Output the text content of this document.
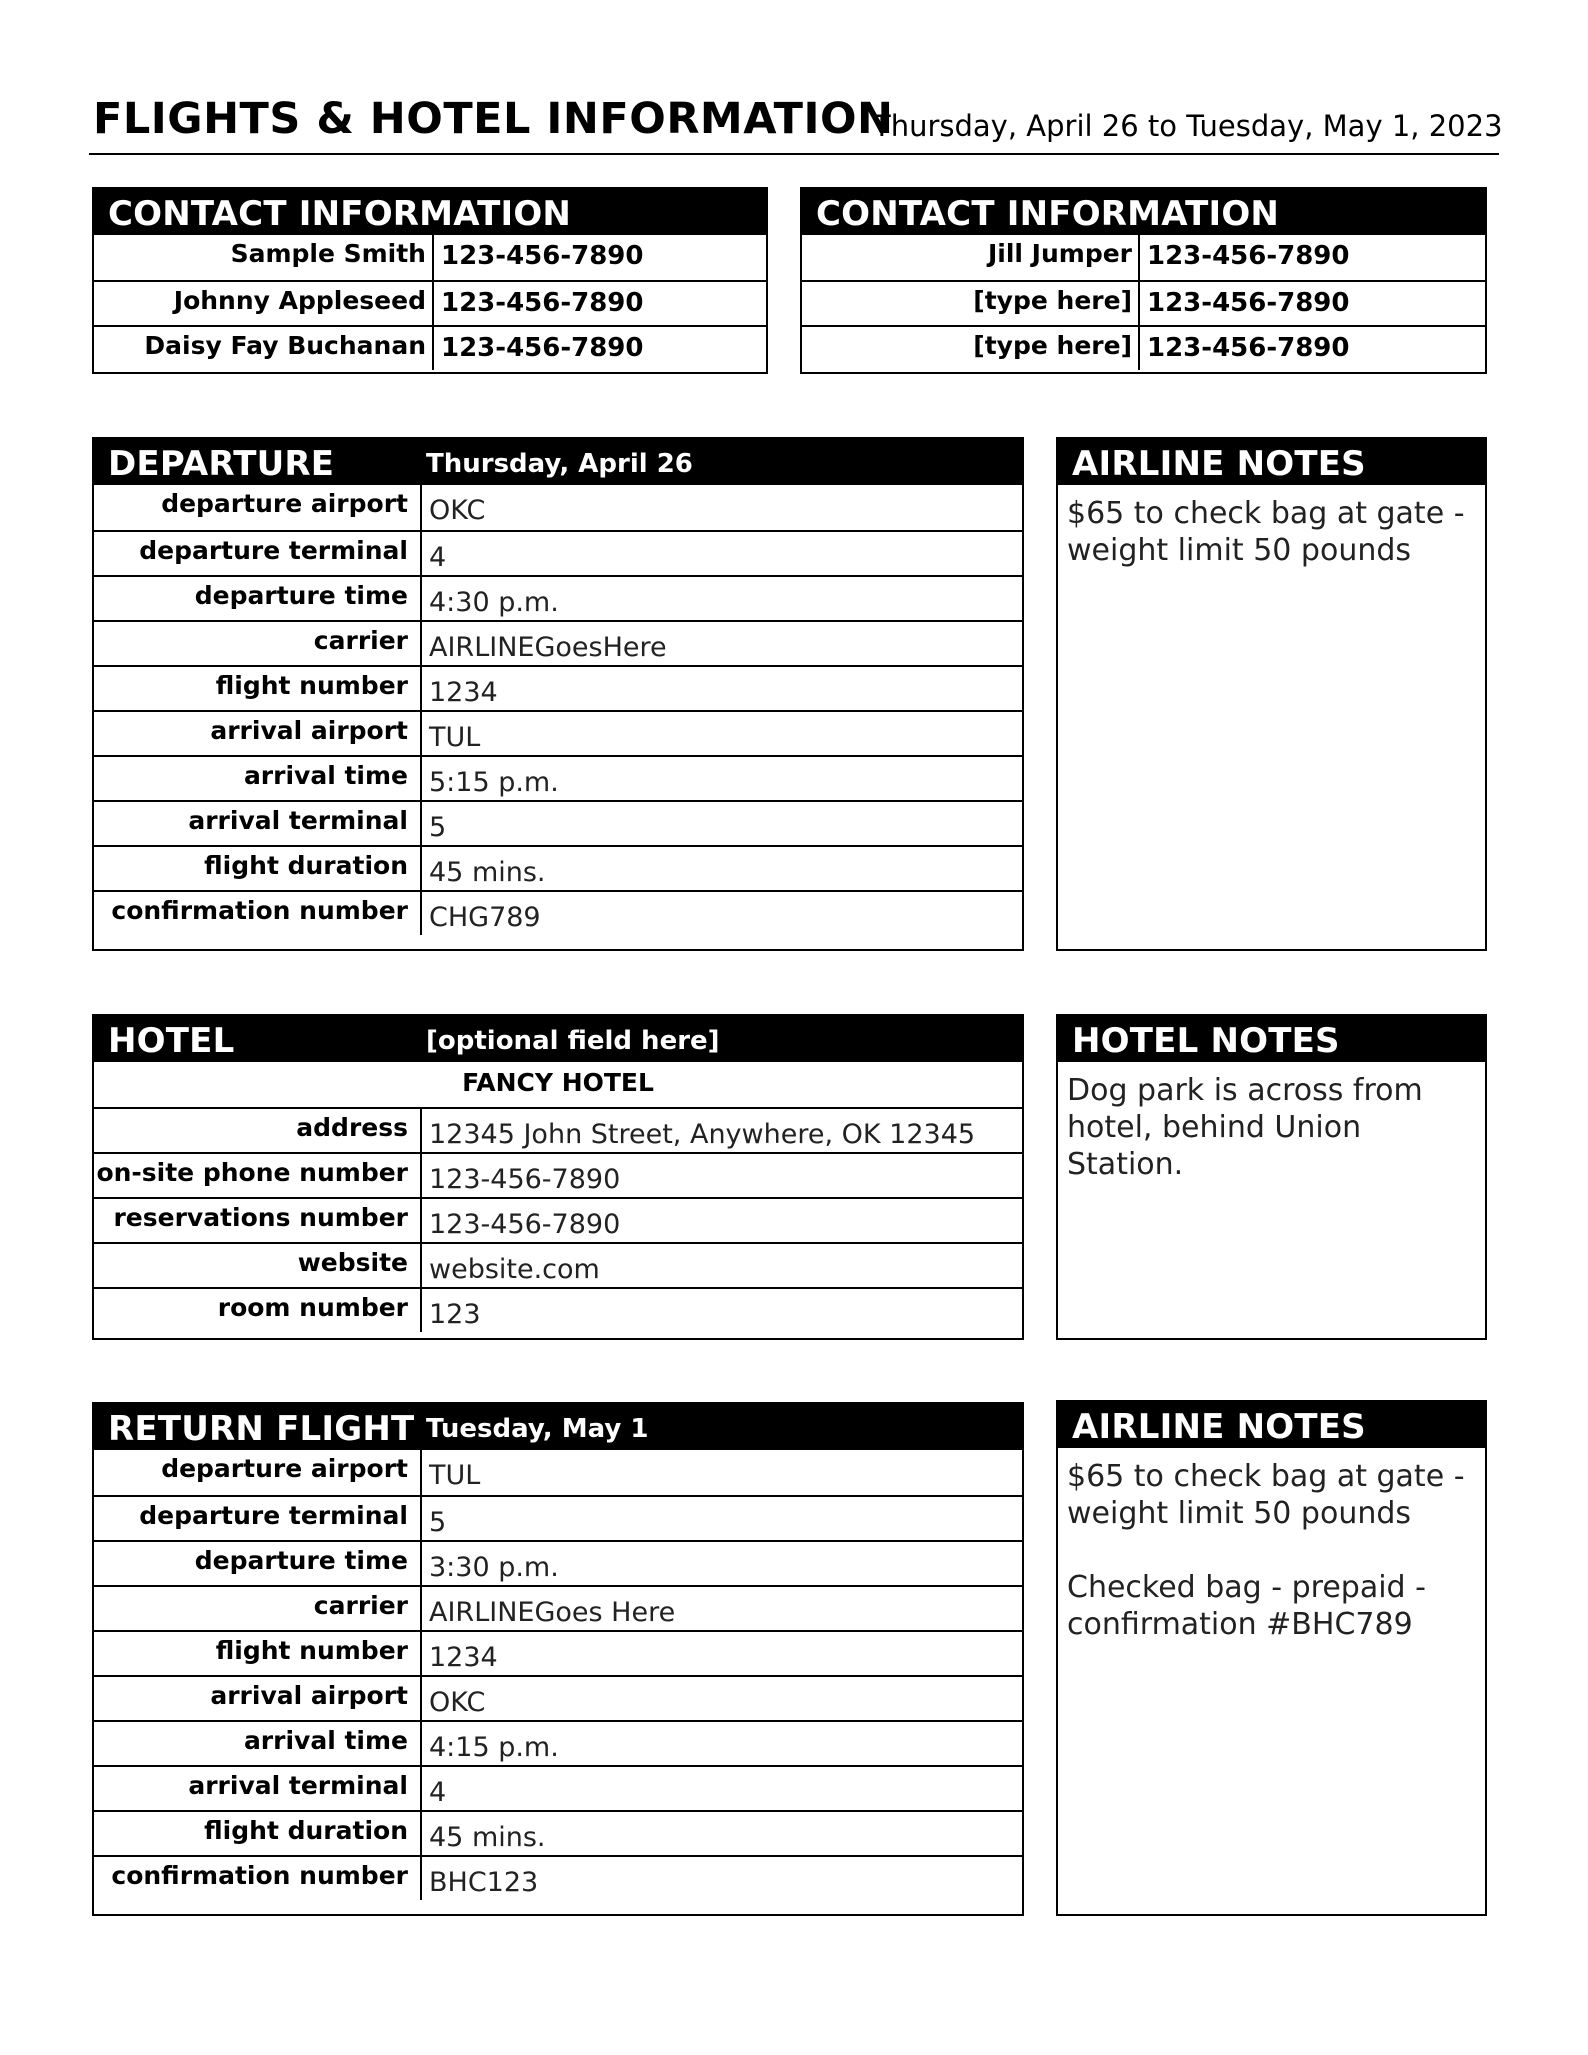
FLIGHTS & HOTEL INFORMATION
Thursday, April 26 to Tuesday, May 1, 2023
CONTACT INFORMATION
Sample Smith 123-456-7890
Johnny Appleseed 123-456-7890
Daisy Fay Buchanan 123-456-7890
CONTACT INFORMATION
Jill Jumper 123-456-7890
[type here] 123-456-7890
[type here] 123-456-7890
DEPARTURE	Thursday, April 26
departure airport OKC
departure terminal 4
departure time 4:30 p.m.
carrier AIRLINEGoesHere
flight number 1234
arrival airport TUL
arrival time 5:15 p.m.
arrival terminal 5
flight duration 45 mins.
confirmation number CHG789
AIRLINE NOTES
$65 to check bag at gate -
weight limit 50 pounds
HOTEL	[optional field here]
FANCY HOTEL
address 12345 John Street, Anywhere, OK 12345
on-site phone number 123-456-7890
reservations number 123-456-7890
website website.com
room number 123
HOTEL NOTES
Dog park is across from
hotel, behind Union
Station.
RETURN FLIGHT Tuesday, May 1
departure airport TUL
departure terminal 5
departure time 3:30 p.m.
carrier AIRLINEGoes Here
flight number 1234
arrival airport OKC
arrival time 4:15 p.m.
arrival terminal 4
flight duration 45 mins.
confirmation number BHC123
AIRLINE NOTES
$65 to check bag at gate -
weight limit 50 pounds

Checked bag - prepaid -
confirmation #BHC789
